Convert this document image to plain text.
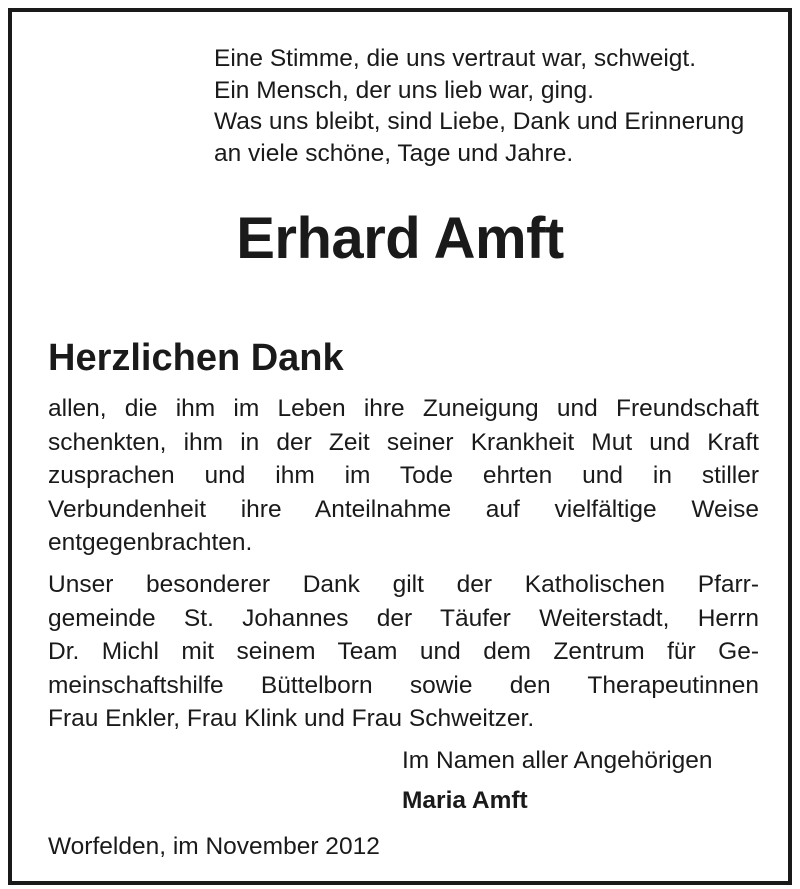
Eine Stimme, die uns vertraut war, schweigt.
Ein Mensch, der uns lieb war, ging.
Was uns bleibt, sind Liebe, Dank und Erinnerung
an viele schöne, Tage und Jahre.
Erhard Amft
Herzlichen Dank
allen, die ihm im Leben ihre Zuneigung und Freundschaft
schenkten, ihm in der Zeit seiner Krankheit Mut und Kraft
zusprachen und ihm im Tode ehrten und in stiller
Verbundenheit ihre Anteilnahme auf vielfältige Weise
entgegenbrachten.
Unser besonderer Dank gilt der Katholischen Pfarr-
gemeinde St. Johannes der Täufer Weiterstadt, Herrn
Dr. Michl mit seinem Team und dem Zentrum für Ge-
meinschaftshilfe Büttelborn sowie den Therapeutinnen
Frau Enkler, Frau Klink und Frau Schweitzer.

Im Namen aller Angehörigen

Maria Amft

Worfelden, im November 2012
